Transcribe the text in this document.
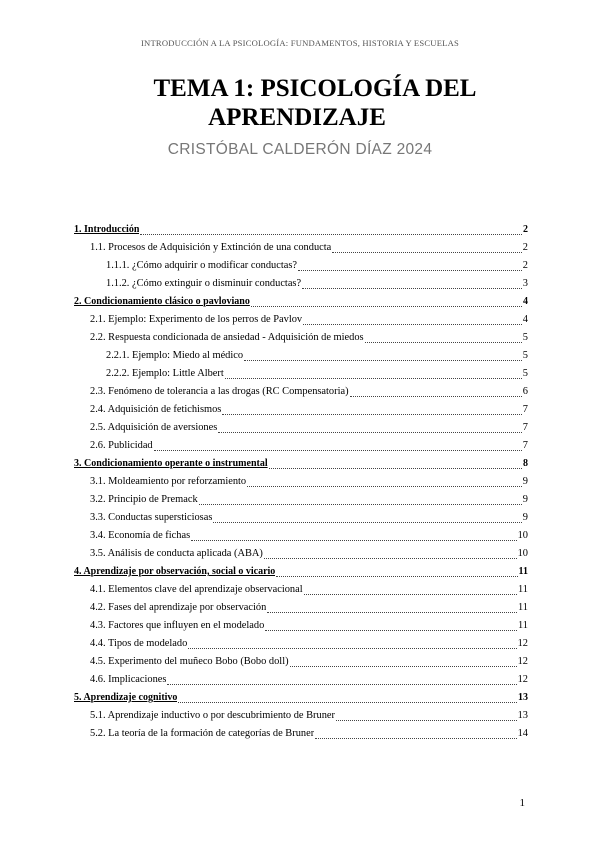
INTRODUCCIÓN A LA PSICOLOGÍA: FUNDAMENTOS, HISTORIA Y ESCUELAS
TEMA 1: PSICOLOGÍA DEL
APRENDIZAJE
CRISTÓBAL CALDERÓN DÍAZ 2024
1. Introducción	2
1.1. Procesos de Adquisición y Extinción de una conducta	2
1.1.1. ¿Cómo adquirir o modificar conductas?	2
1.1.2. ¿Cómo extinguir o disminuir conductas?	3
2. Condicionamiento clásico o pavloviano	4
2.1. Ejemplo: Experimento de los perros de Pavlov	4
2.2. Respuesta condicionada de ansiedad - Adquisición de miedos	5
2.2.1. Ejemplo: Miedo al médico	5
2.2.2. Ejemplo: Little Albert	5
2.3. Fenómeno de tolerancia a las drogas (RC Compensatoria)	6
2.4. Adquisición de fetichismos	7
2.5. Adquisición de aversiones	7
2.6. Publicidad	7
3. Condicionamiento operante o instrumental	8
3.1. Moldeamiento por reforzamiento	9
3.2. Principio de Premack	9
3.3. Conductas supersticiosas	9
3.4. Economía de fichas	10
3.5. Análisis de conducta aplicada (ABA)	10
4. Aprendizaje por observación, social o vicario	11
4.1. Elementos clave del aprendizaje observacional	11
4.2. Fases del aprendizaje por observación	11
4.3. Factores que influyen en el modelado	11
4.4. Tipos de modelado	12
4.5. Experimento del muñeco Bobo (Bobo doll)	12
4.6. Implicaciones	12
5. Aprendizaje cognitivo	13
5.1. Aprendizaje inductivo o por descubrimiento de Bruner	13
5.2. La teoría de la formación de categorías de Bruner	14
1
